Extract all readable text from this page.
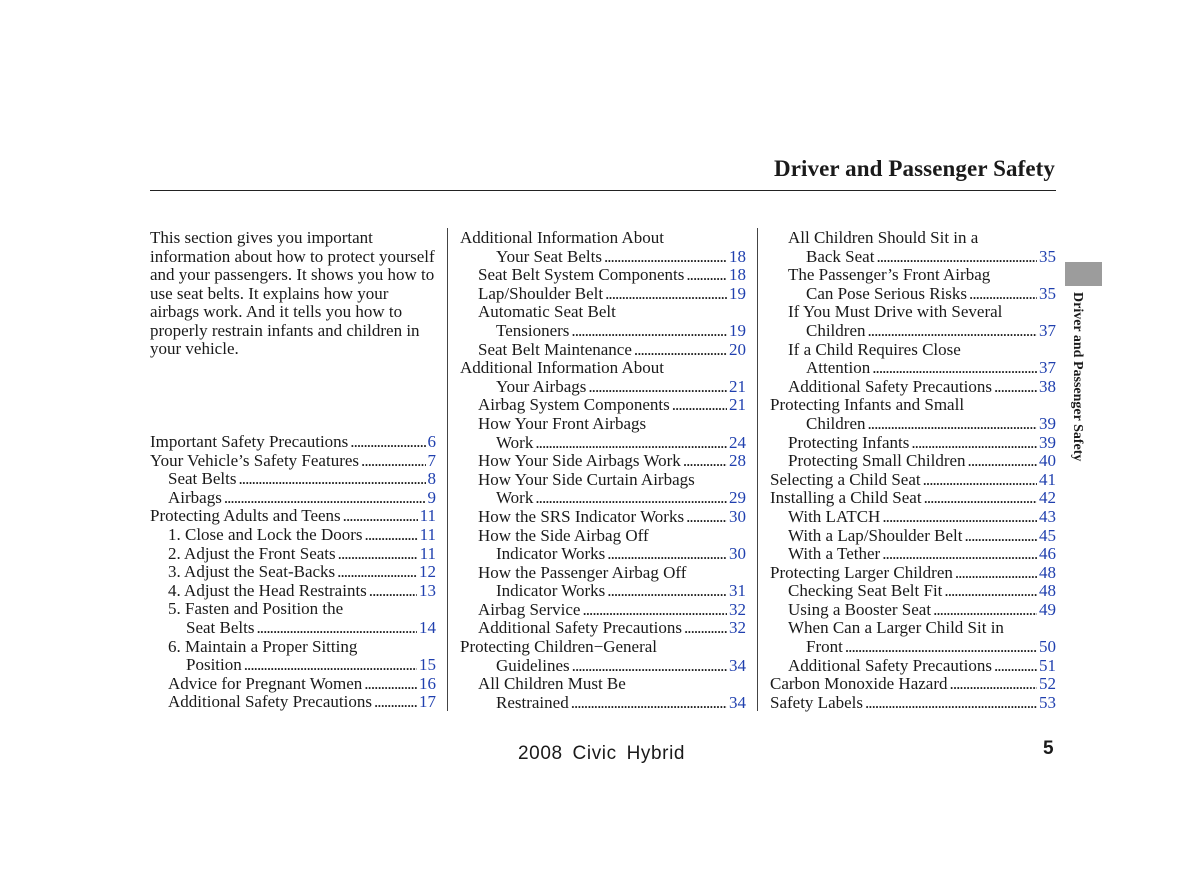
Driver and Passenger Safety
This section gives you important information about how to protect yourself and your passengers. It shows you how to use seat belts. It explains how your airbags work. And it tells you how to properly restrain infants and children in your vehicle.
Important Safety Precautions . . .	6
Your Vehicle’s Safety Features . . .	7
Seat Belts . . .	8
Airbags . . .	9
Protecting Adults and Teens . . .	11
1. Close and Lock the Doors . . .	11
2. Adjust the Front Seats . . .	11
3. Adjust the Seat-Backs . . .	12
4. Adjust the Head Restraints . . .	13
5. Fasten and Position the
Seat Belts . . .	14
6. Maintain a Proper Sitting
Position . . .	15
Advice for Pregnant Women . . .	16
Additional Safety Precautions . . .	17
Additional Information About
Your Seat Belts . . .	18
Seat Belt System Components . . .	18
Lap/Shoulder Belt . . .	19
Automatic Seat Belt
Tensioners . . .	19
Seat Belt Maintenance . . .	20
Additional Information About
Your Airbags . . .	21
Airbag System Components . . .	21
How Your Front Airbags
Work . . .	24
How Your Side Airbags Work . . .	28
How Your Side Curtain Airbags
Work . . .	29
How the SRS Indicator Works . . .	30
How the Side Airbag Off
Indicator Works . . .	30
How the Passenger Airbag Off
Indicator Works . . .	31
Airbag Service . . .	32
Additional Safety Precautions . . .	32
Protecting Children−General
Guidelines . . .	34
All Children Must Be
Restrained . . .	34
All Children Should Sit in a
Back Seat . . .	35
The Passenger’s Front Airbag
Can Pose Serious Risks . . .	35
If You Must Drive with Several
Children . . .	37
If a Child Requires Close
Attention . . .	37
Additional Safety Precautions . . .	38
Protecting Infants and Small
Children . . .	39
Protecting Infants . . .	39
Protecting Small Children . . .	40
Selecting a Child Seat . . .	41
Installing a Child Seat . . .	42
With LATCH . . .	43
With a Lap/Shoulder Belt . . .	45
With a Tether . . .	46
Protecting Larger Children . . .	48
Checking Seat Belt Fit . . .	48
Using a Booster Seat . . .	49
When Can a Larger Child Sit in
Front . . .	50
Additional Safety Precautions . . .	51
Carbon Monoxide Hazard . . .	52
Safety Labels . . .	53
Driver and Passenger Safety
2008 Civic Hybrid	5
